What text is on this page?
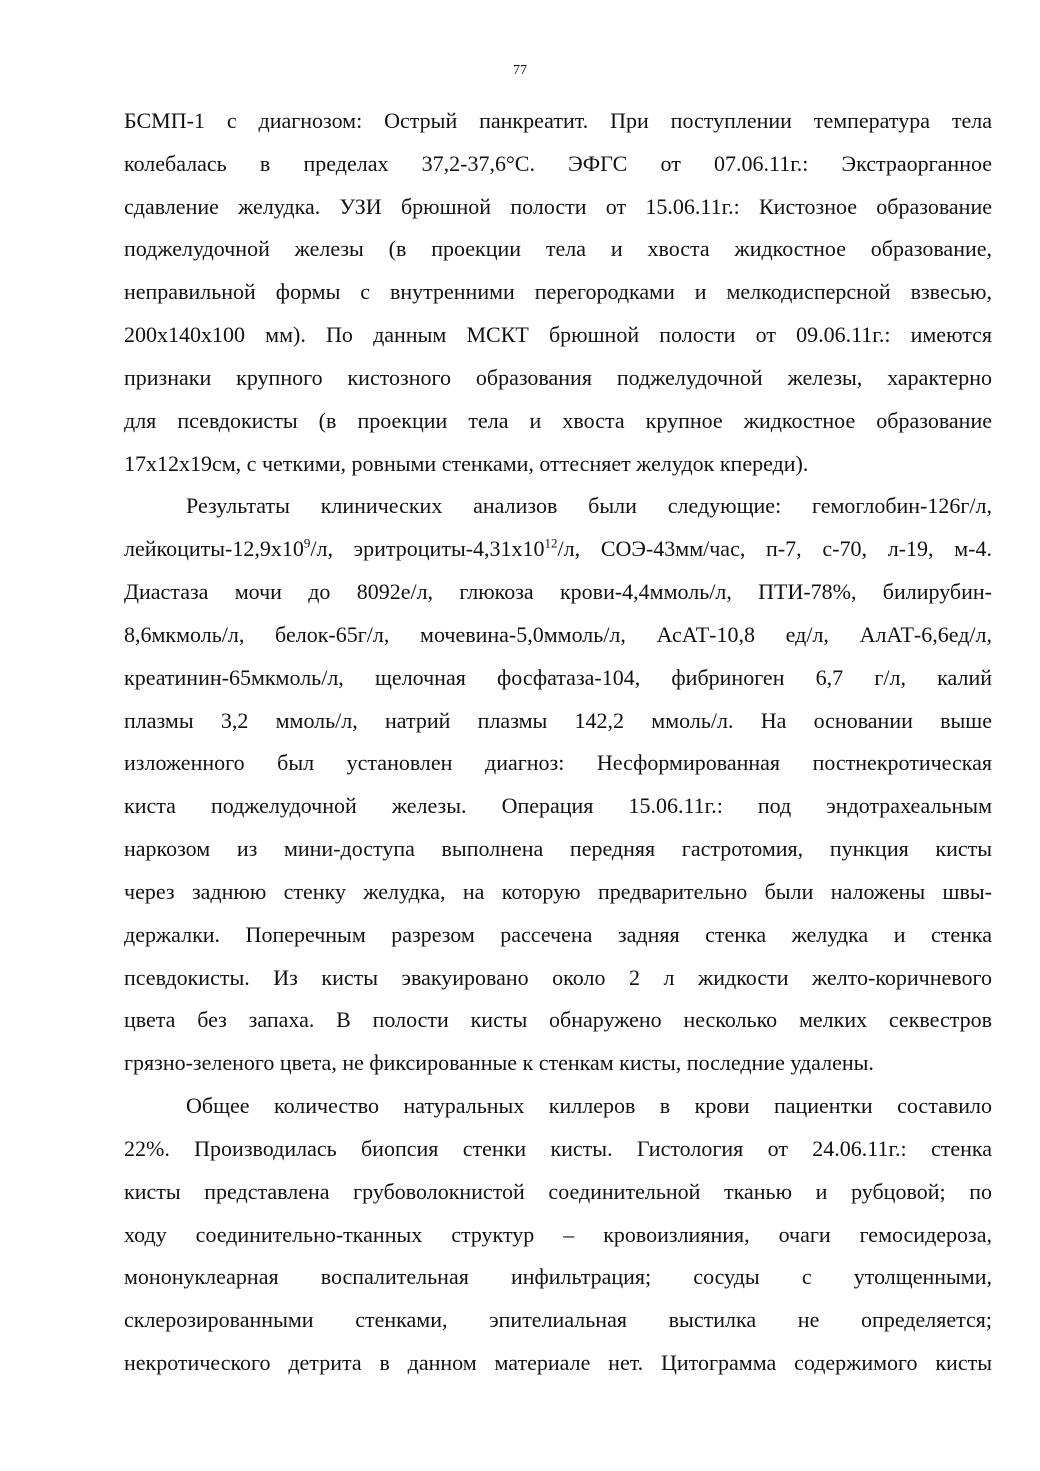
77
БСМП-1 с диагнозом: Острый панкреатит. При поступлении температура тела
колебалась в пределах 37,2-37,6°С. ЭФГС от 07.06.11г.: Экстраорганное
сдавление желудка. УЗИ брюшной полости от 15.06.11г.: Кистозное образование
поджелудочной железы (в проекции тела и хвоста жидкостное образование,
неправильной формы с внутренними перегородками и мелкодисперсной взвесью,
200х140х100 мм). По данным МСКТ брюшной полости от 09.06.11г.: имеются
признаки крупного кистозного образования поджелудочной железы, характерно
для псевдокисты (в проекции тела и хвоста крупное жидкостное образование
17х12х19см, с четкими, ровными стенками, оттесняет желудок кпереди).
Результаты клинических анализов были следующие: гемоглобин-126г/л,
лейкоциты-$12,9х10^9/л$, эритроциты-$4,31х10^{12}/л$, СОЭ-43мм/час, п-7, с-70, л-19, м-4.
Диастаза мочи до 8092е/л, глюкоза крови-4,4ммоль/л, ПТИ-78%, билирубин-
8,6мкмоль/л, белок-65г/л, мочевина-5,0ммоль/л, АсАТ-10,8 ед/л, АлАТ-6,6ед/л,
креатинин-65мкмоль/л, щелочная фосфатаза-104, фибриноген 6,7 г/л, калий
плазмы 3,2 ммоль/л, натрий плазмы 142,2 ммоль/л. На основании выше
изложенного был установлен диагноз: Несформированная постнекротическая
киста поджелудочной железы. Операция 15.06.11г.: под эндотрахеальным
наркозом из мини-доступа выполнена передняя гастротомия, пункция кисты
через заднюю стенку желудка, на которую предварительно были наложены швы-
держалки. Поперечным разрезом рассечена задняя стенка желудка и стенка
псевдокисты. Из кисты эвакуировано около 2 л жидкости желто-коричневого
цвета без запаха. В полости кисты обнаружено несколько мелких секвестров
грязно-зеленого цвета, не фиксированные к стенкам кисты, последние удалены.
Общее количество натуральных киллеров в крови пациентки составило
22%. Производилась биопсия стенки кисты. Гистология от 24.06.11г.: стенка
кисты представлена грубоволокнистой соединительной тканью и рубцовой; по
ходу соединительно-тканных структур – кровоизлияния, очаги гемосидероза,
мононуклеарная воспалительная инфильтрация; сосуды с утолщенными,
склерозированными стенками, эпителиальная выстилка не определяется;
некротического детрита в данном материале нет. Цитограмма содержимого кисты
